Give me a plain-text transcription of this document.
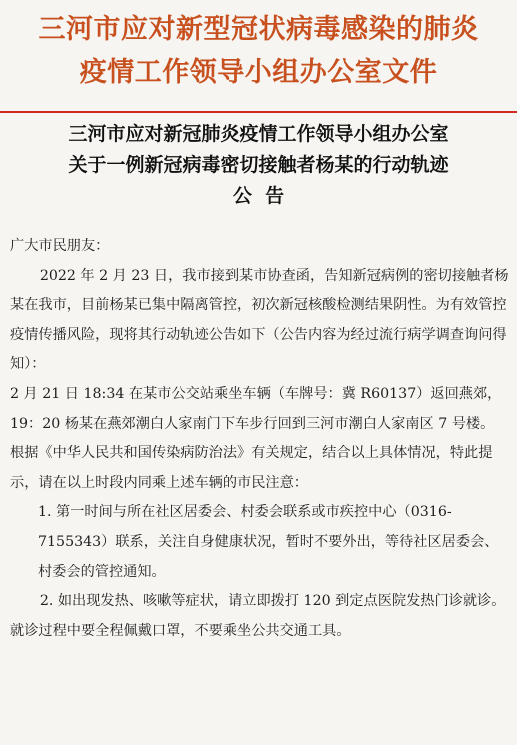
三河市应对新型冠状病毒感染的肺炎
疫情工作领导小组办公室文件
三河市应对新冠肺炎疫情工作领导小组办公室
关于一例新冠病毒密切接触者杨某的行动轨迹
公  告

广大市民朋友：

2022 年 2 月 23 日，我市接到某市协查函，告知新冠病例的密切接触者杨某在我市，目前杨某已集中隔离管控，初次新冠核酸检测结果阴性。为有效管控疫情传播风险，现将其行动轨迹公告如下（公告内容为经过流行病学调查询问得知）：

2 月 21 日 18:34 在某市公交站乘坐车辆（车牌号：冀 R60137）返回燕郊，19：20 杨某在燕郊潮白人家南门下车步行回到三河市潮白人家南区 7 号楼。

根据《中华人民共和国传染病防治法》有关规定，结合以上具体情况，特此提示，请在以上时段内同乘上述车辆的市民注意：

1. 第一时间与所在社区居委会、村委会联系或市疾控中心（0316-7155343）联系，关注自身健康状况，暂时不要外出，等待社区居委会、村委会的管控通知。

2. 如出现发热、咳嗽等症状，请立即拨打 120 到定点医院发热门诊就诊。就诊过程中要全程佩戴口罩，不要乘坐公共交通工具。
